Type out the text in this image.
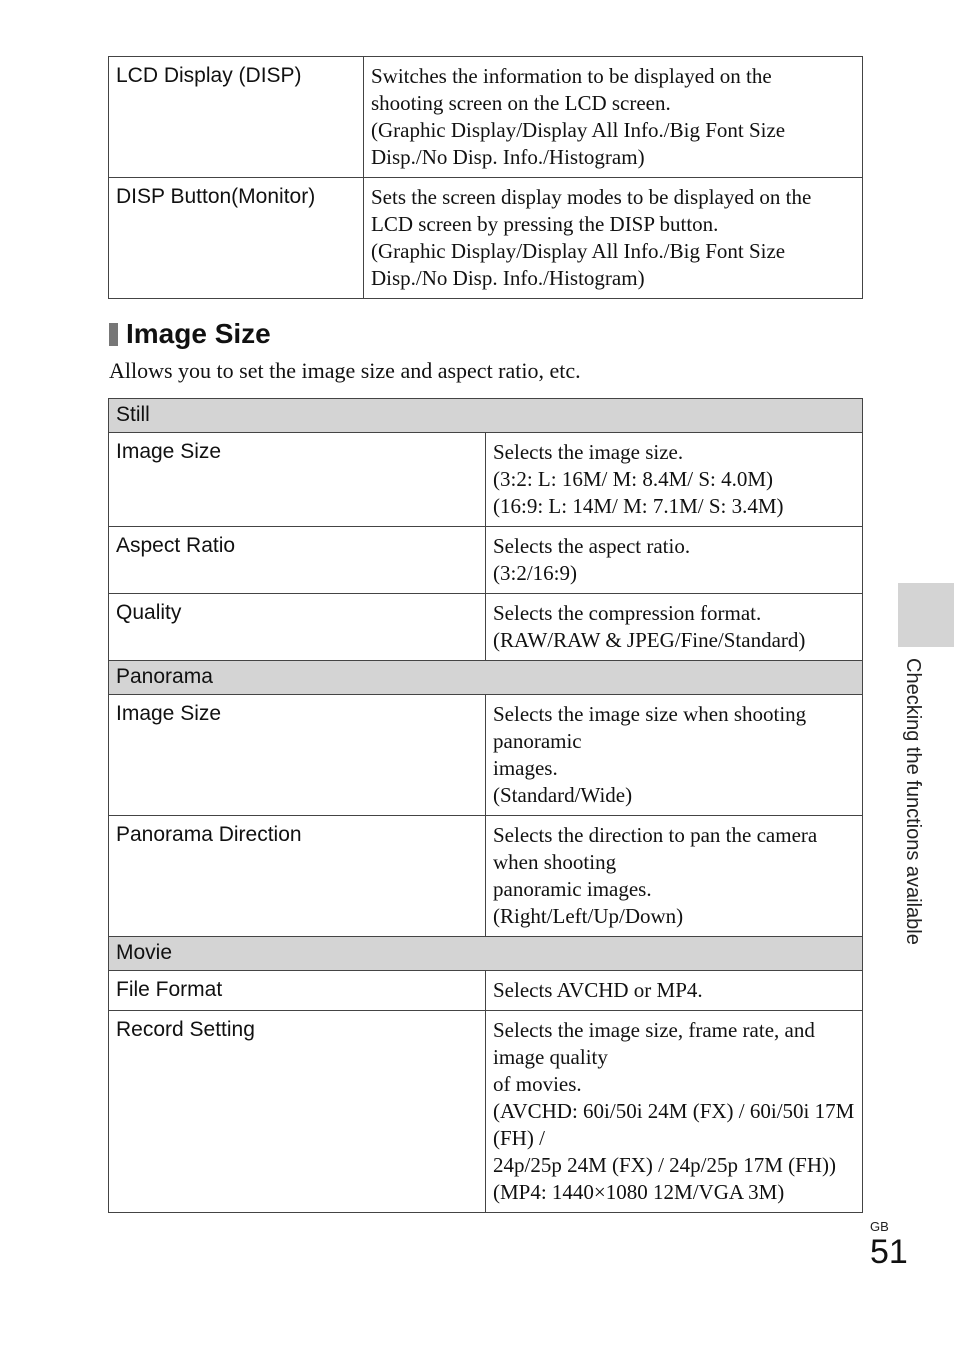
LCD Display (DISP)	Switches the information to be displayed on the
shooting screen on the LCD screen.
(Graphic Display/Display All Info./Big Font Size
Disp./No Disp. Info./Histogram)

DISP Button(Monitor)	Sets the screen display modes to be displayed on the
LCD screen by pressing the DISP button.
(Graphic Display/Display All Info./Big Font Size
Disp./No Disp. Info./Histogram)
Image Size

Allows you to set the image size and aspect ratio, etc.

Still	
Image Size	Selects the image size.
(3:2: L: 16M/ M: 8.4M/ S: 4.0M)
(16:9: L: 14M/ M: 7.1M/ S: 3.4M)

Aspect Ratio	Selects the aspect ratio.
(3:2/16:9)

Quality	Selects the compression format.
(RAW/RAW & JPEG/Fine/Standard)

Panorama	
Image Size	Selects the image size when shooting panoramic
images.
(Standard/Wide)

Panorama Direction	Selects the direction to pan the camera when shooting
panoramic images.
(Right/Left/Up/Down)

Movie	
File Format	Selects AVCHD or MP4.

Record Setting	Selects the image size, frame rate, and image quality
of movies.
(AVCHD: 60i/50i 24M (FX) / 60i/50i 17M (FH) /
24p/25p 24M (FX) / 24p/25p 17M (FH))
(MP4: 1440×1080 12M/VGA 3M)
Checking the functions available
GB
51
